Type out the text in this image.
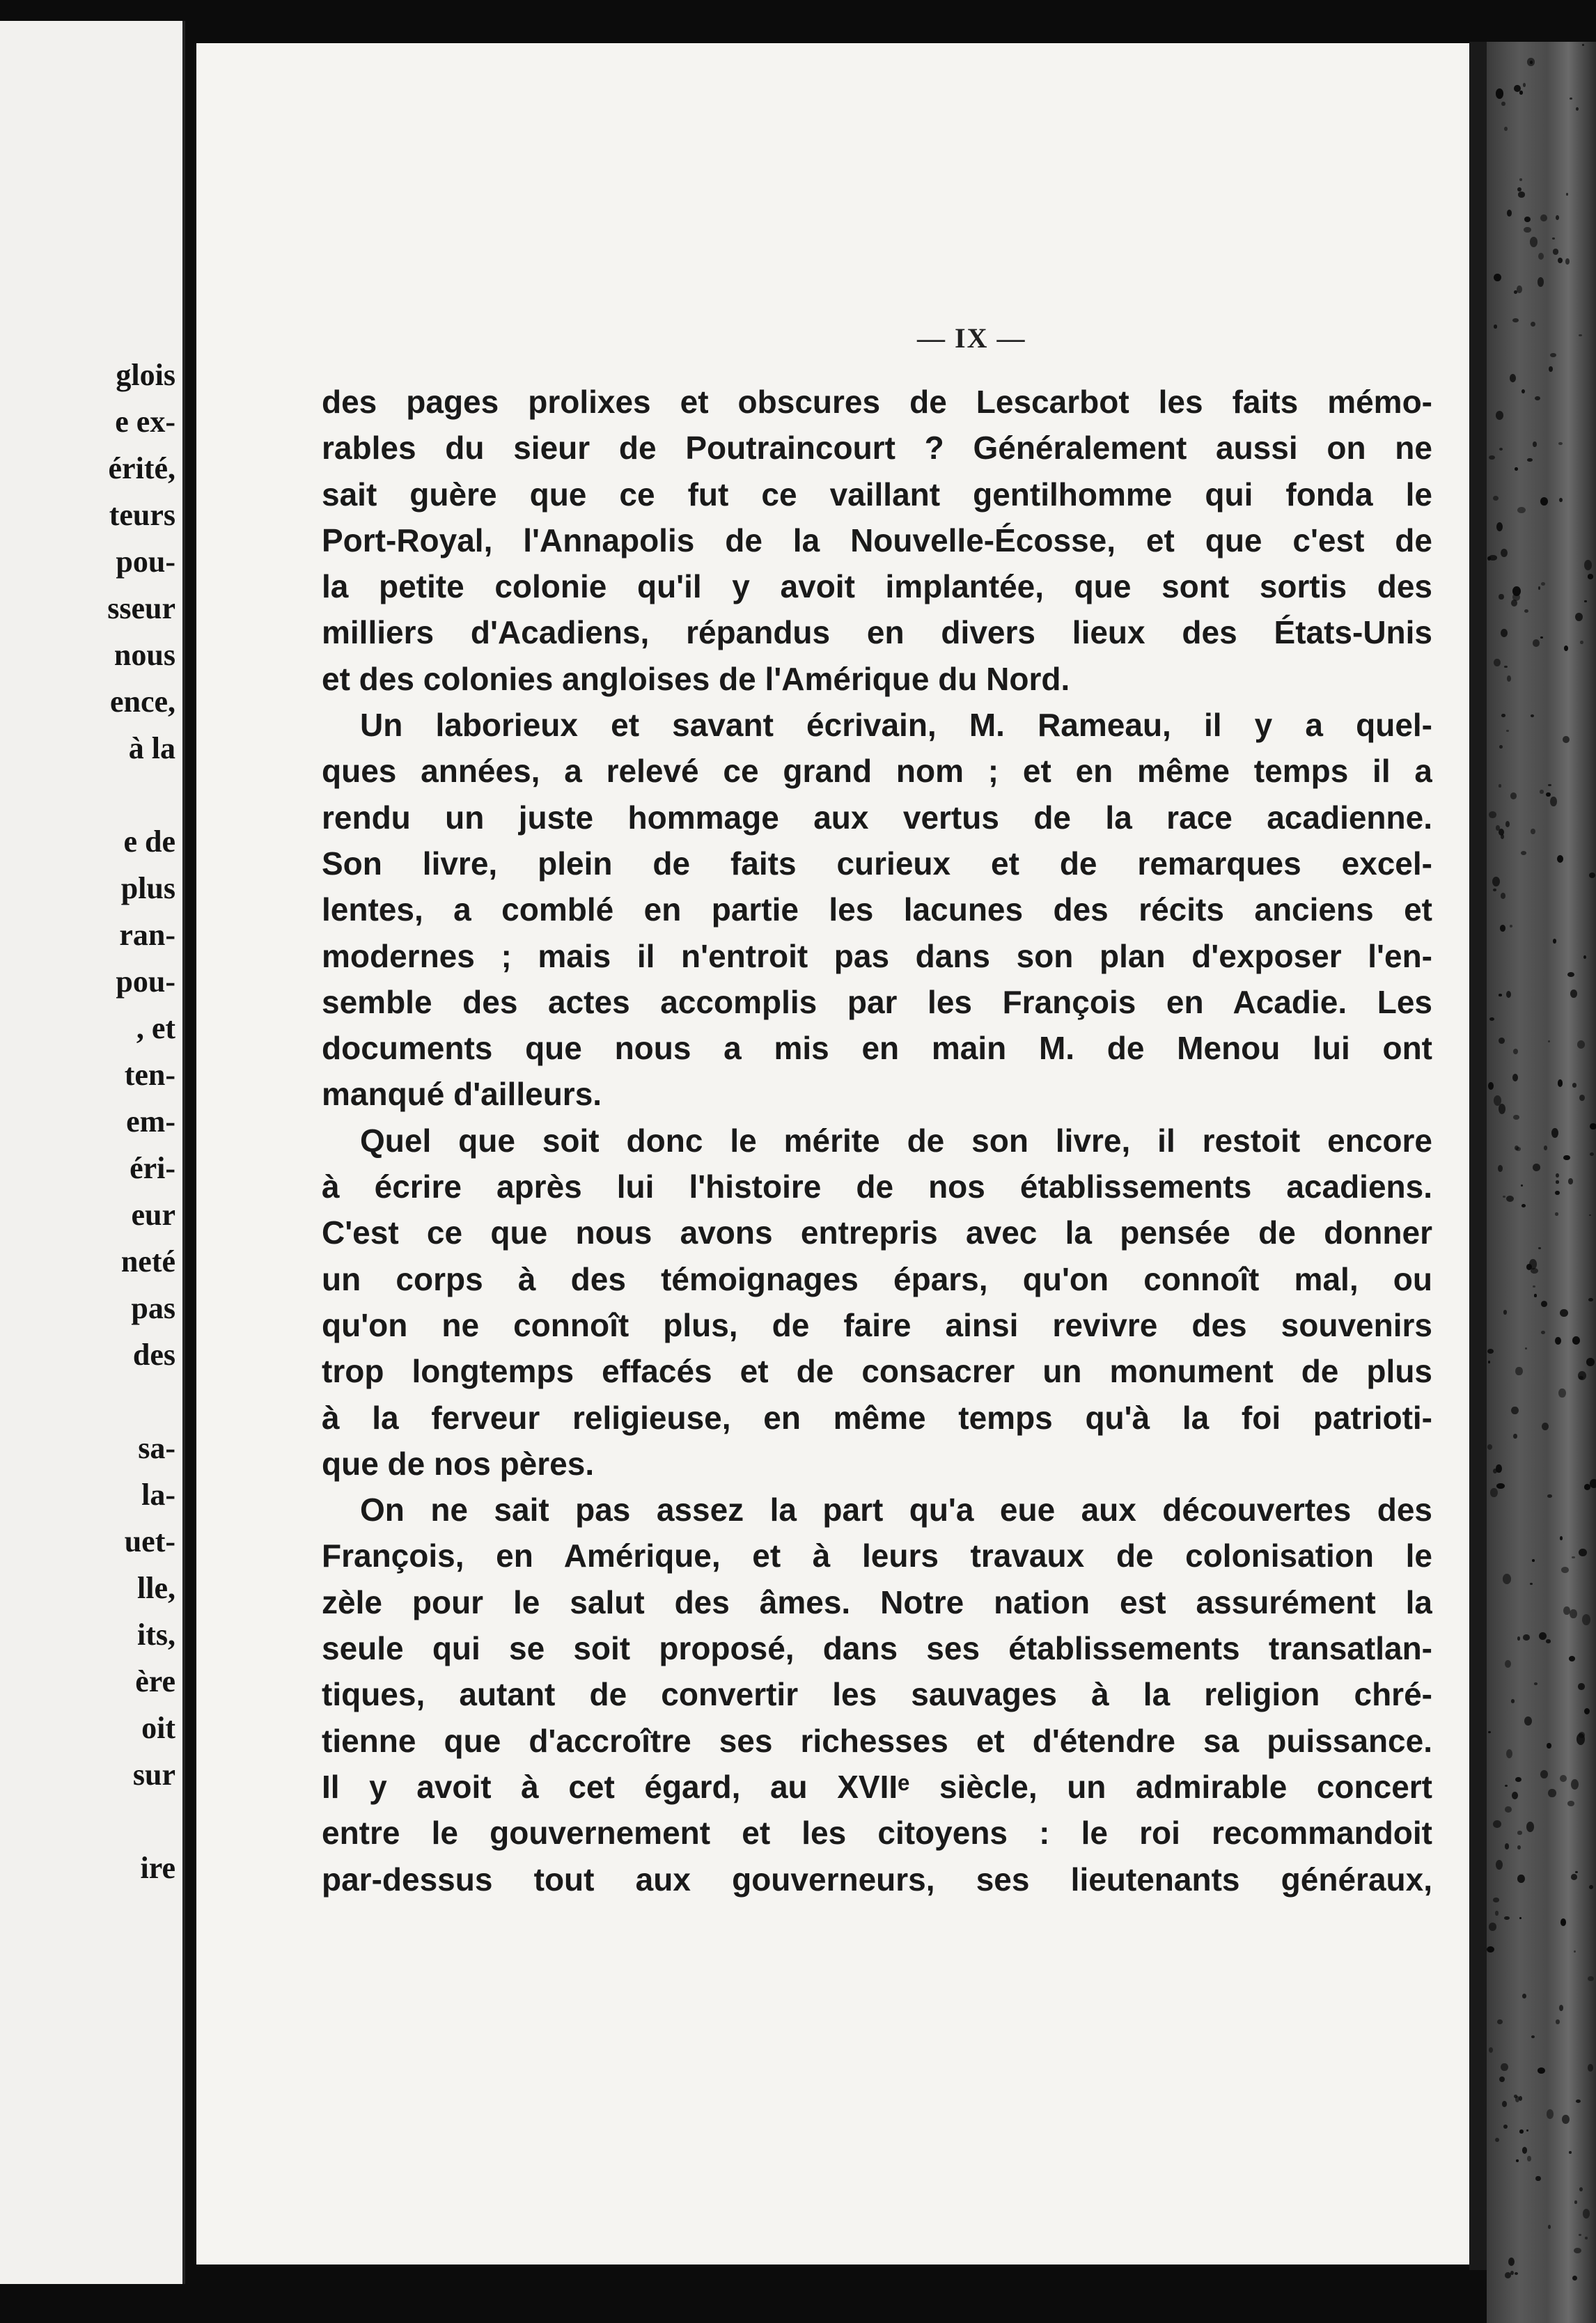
glois
e ex-
érité,
teurs
pou-
sseur
nous
ence,
à la
e de
plus
ran-
pou-
, et
ten-
em-
éri-
eur
neté
pas
des
sa-
la-
uet-
lle,
its,
ère
oit
sur
ire
— IX —
des pages prolixes et obscures de Lescarbot les faits mémo-
rables du sieur de Poutraincourt ? Généralement aussi on ne
sait guère que ce fut ce vaillant gentilhomme qui fonda le
Port-Royal, l'Annapolis de la Nouvelle-Écosse, et que c'est de
la petite colonie qu'il y avoit implantée, que sont sortis des
milliers d'Acadiens, répandus en divers lieux des États-Unis
et des colonies angloises de l'Amérique du Nord.
Un laborieux et savant écrivain, M. Rameau, il y a quel-
ques années, a relevé ce grand nom ; et en même temps il a
rendu un juste hommage aux vertus de la race acadienne.
Son livre, plein de faits curieux et de remarques excel-
lentes, a comblé en partie les lacunes des récits anciens et
modernes ; mais il n'entroit pas dans son plan d'exposer l'en-
semble des actes accomplis par les François en Acadie. Les
documents que nous a mis en main M. de Menou lui ont
manqué d'ailleurs.
Quel que soit donc le mérite de son livre, il restoit encore
à écrire après lui l'histoire de nos établissements acadiens.
C'est ce que nous avons entrepris avec la pensée de donner
un corps à des témoignages épars, qu'on connoît mal, ou
qu'on ne connoît plus, de faire ainsi revivre des souvenirs
trop longtemps effacés et de consacrer un monument de plus
à la ferveur religieuse, en même temps qu'à la foi patrioti-
que de nos pères.
On ne sait pas assez la part qu'a eue aux découvertes des
François, en Amérique, et à leurs travaux de colonisation le
zèle pour le salut des âmes. Notre nation est assurément la
seule qui se soit proposé, dans ses établissements transatlan-
tiques, autant de convertir les sauvages à la religion chré-
tienne que d'accroître ses richesses et d'étendre sa puissance.
Il y avoit à cet égard, au XVIIᵉ siècle, un admirable concert
entre le gouvernement et les citoyens : le roi recommandoit
par-dessus tout aux gouverneurs, ses lieutenants généraux,
